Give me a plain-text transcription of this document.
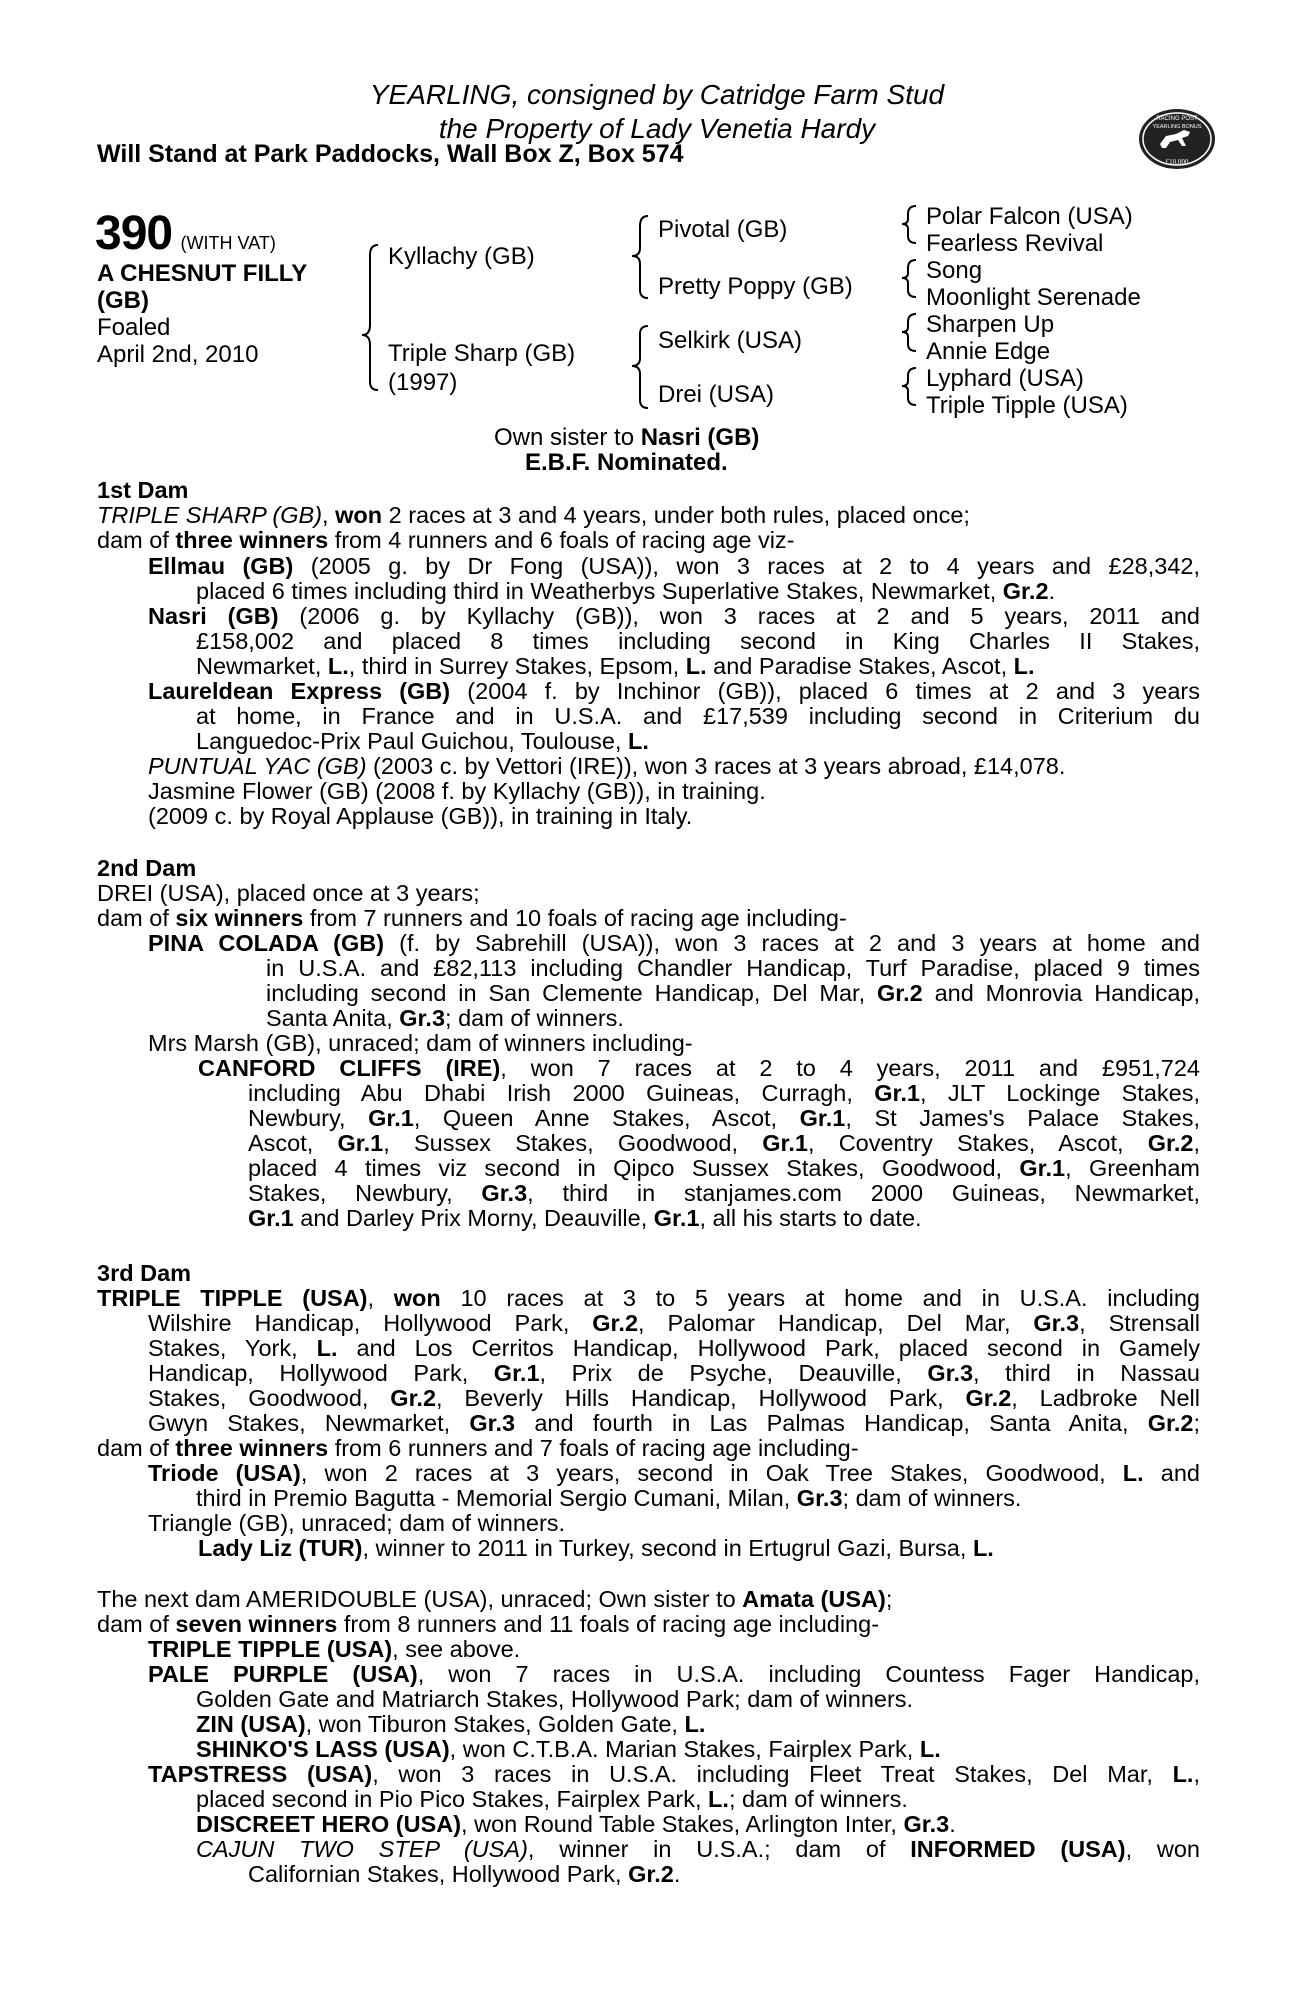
YEARLING, consigned by Catridge Farm Stud
the Property of Lady Venetia Hardy
Will Stand at Park Paddocks, Wall Box Z, Box 574
RACING POST
YEARLING BONUS
£10,000
390 (WITH VAT)
A CHESNUT FILLY
(GB)
Foaled
April 2nd, 2010
Kyllachy (GB)
Triple Sharp (GB)
(1997)
Pivotal (GB)
Pretty Poppy (GB)
Selkirk (USA)
Drei (USA)
Polar Falcon (USA)
Fearless Revival
Song
Moonlight Serenade
Sharpen Up
Annie Edge
Lyphard (USA)
Triple Tipple (USA)
Own sister to Nasri (GB)
E.B.F. Nominated.
1st Dam
TRIPLE SHARP (GB), won 2 races at 3 and 4 years, under both rules, placed once;
dam of three winners from 4 runners and 6 foals of racing age viz-
Ellmau (GB) (2005 g. by Dr Fong (USA)), won 3 races at 2 to 4 years and £28,342,
placed 6 times including third in Weatherbys Superlative Stakes, Newmarket, Gr.2.
Nasri (GB) (2006 g. by Kyllachy (GB)), won 3 races at 2 and 5 years, 2011 and
£158,002 and placed 8 times including second in King Charles II Stakes,
Newmarket, L., third in Surrey Stakes, Epsom, L. and Paradise Stakes, Ascot, L.
Laureldean Express (GB) (2004 f. by Inchinor (GB)), placed 6 times at 2 and 3 years
at home, in France and in U.S.A. and £17,539 including second in Criterium du
Languedoc-Prix Paul Guichou, Toulouse, L.
PUNTUAL YAC (GB) (2003 c. by Vettori (IRE)), won 3 races at 3 years abroad, £14,078.
Jasmine Flower (GB) (2008 f. by Kyllachy (GB)), in training.
(2009 c. by Royal Applause (GB)), in training in Italy.
2nd Dam
DREI (USA), placed once at 3 years;
dam of six winners from 7 runners and 10 foals of racing age including-
PINA COLADA (GB) (f. by Sabrehill (USA)), won 3 races at 2 and 3 years at home and
in U.S.A. and £82,113 including Chandler Handicap, Turf Paradise, placed 9 times
including second in San Clemente Handicap, Del Mar, Gr.2 and Monrovia Handicap,
Santa Anita, Gr.3; dam of winners.
Mrs Marsh (GB), unraced; dam of winners including-
CANFORD CLIFFS (IRE), won 7 races at 2 to 4 years, 2011 and £951,724
including Abu Dhabi Irish 2000 Guineas, Curragh, Gr.1, JLT Lockinge Stakes,
Newbury, Gr.1, Queen Anne Stakes, Ascot, Gr.1, St James's Palace Stakes,
Ascot, Gr.1, Sussex Stakes, Goodwood, Gr.1, Coventry Stakes, Ascot, Gr.2,
placed 4 times viz second in Qipco Sussex Stakes, Goodwood, Gr.1, Greenham
Stakes, Newbury, Gr.3, third in stanjames.com 2000 Guineas, Newmarket,
Gr.1 and Darley Prix Morny, Deauville, Gr.1, all his starts to date.
3rd Dam
TRIPLE TIPPLE (USA), won 10 races at 3 to 5 years at home and in U.S.A. including
Wilshire Handicap, Hollywood Park, Gr.2, Palomar Handicap, Del Mar, Gr.3, Strensall
Stakes, York, L. and Los Cerritos Handicap, Hollywood Park, placed second in Gamely
Handicap, Hollywood Park, Gr.1, Prix de Psyche, Deauville, Gr.3, third in Nassau
Stakes, Goodwood, Gr.2, Beverly Hills Handicap, Hollywood Park, Gr.2, Ladbroke Nell
Gwyn Stakes, Newmarket, Gr.3 and fourth in Las Palmas Handicap, Santa Anita, Gr.2;
dam of three winners from 6 runners and 7 foals of racing age including-
Triode (USA), won 2 races at 3 years, second in Oak Tree Stakes, Goodwood, L. and
third in Premio Bagutta - Memorial Sergio Cumani, Milan, Gr.3; dam of winners.
Triangle (GB), unraced; dam of winners.
Lady Liz (TUR), winner to 2011 in Turkey, second in Ertugrul Gazi, Bursa, L.
The next dam AMERIDOUBLE (USA), unraced; Own sister to Amata (USA);
dam of seven winners from 8 runners and 11 foals of racing age including-
TRIPLE TIPPLE (USA), see above.
PALE PURPLE (USA), won 7 races in U.S.A. including Countess Fager Handicap,
Golden Gate and Matriarch Stakes, Hollywood Park; dam of winners.
ZIN (USA), won Tiburon Stakes, Golden Gate, L.
SHINKO'S LASS (USA), won C.T.B.A. Marian Stakes, Fairplex Park, L.
TAPSTRESS (USA), won 3 races in U.S.A. including Fleet Treat Stakes, Del Mar, L.,
placed second in Pio Pico Stakes, Fairplex Park, L.; dam of winners.
DISCREET HERO (USA), won Round Table Stakes, Arlington Inter, Gr.3.
CAJUN TWO STEP (USA), winner in U.S.A.; dam of INFORMED (USA), won
Californian Stakes, Hollywood Park, Gr.2.
